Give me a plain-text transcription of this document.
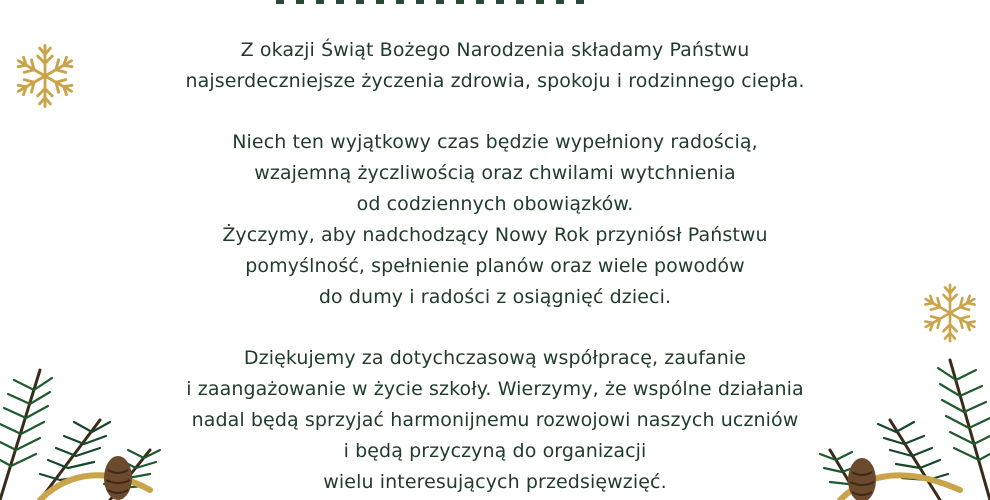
Z okazji Świąt Bożego Narodzenia składamy Państwu
najserdeczniejsze życzenia zdrowia, spokoju i rodzinnego ciepła.
Niech ten wyjątkowy czas będzie wypełniony radością,
wzajemną życzliwością oraz chwilami wytchnienia
od codziennych obowiązków.
Życzymy, aby nadchodzący Nowy Rok przyniósł Państwu
pomyślność, spełnienie planów oraz wiele powodów
do dumy i radości z osiągnięć dzieci.
Dziękujemy za dotychczasową współpracę, zaufanie
i zaangażowanie w życie szkoły. Wierzymy, że wspólne działania
nadal będą sprzyjać harmonijnemu rozwojowi naszych uczniów
i będą przyczyną do organizacji
wielu interesujących przedsięwzięć.
